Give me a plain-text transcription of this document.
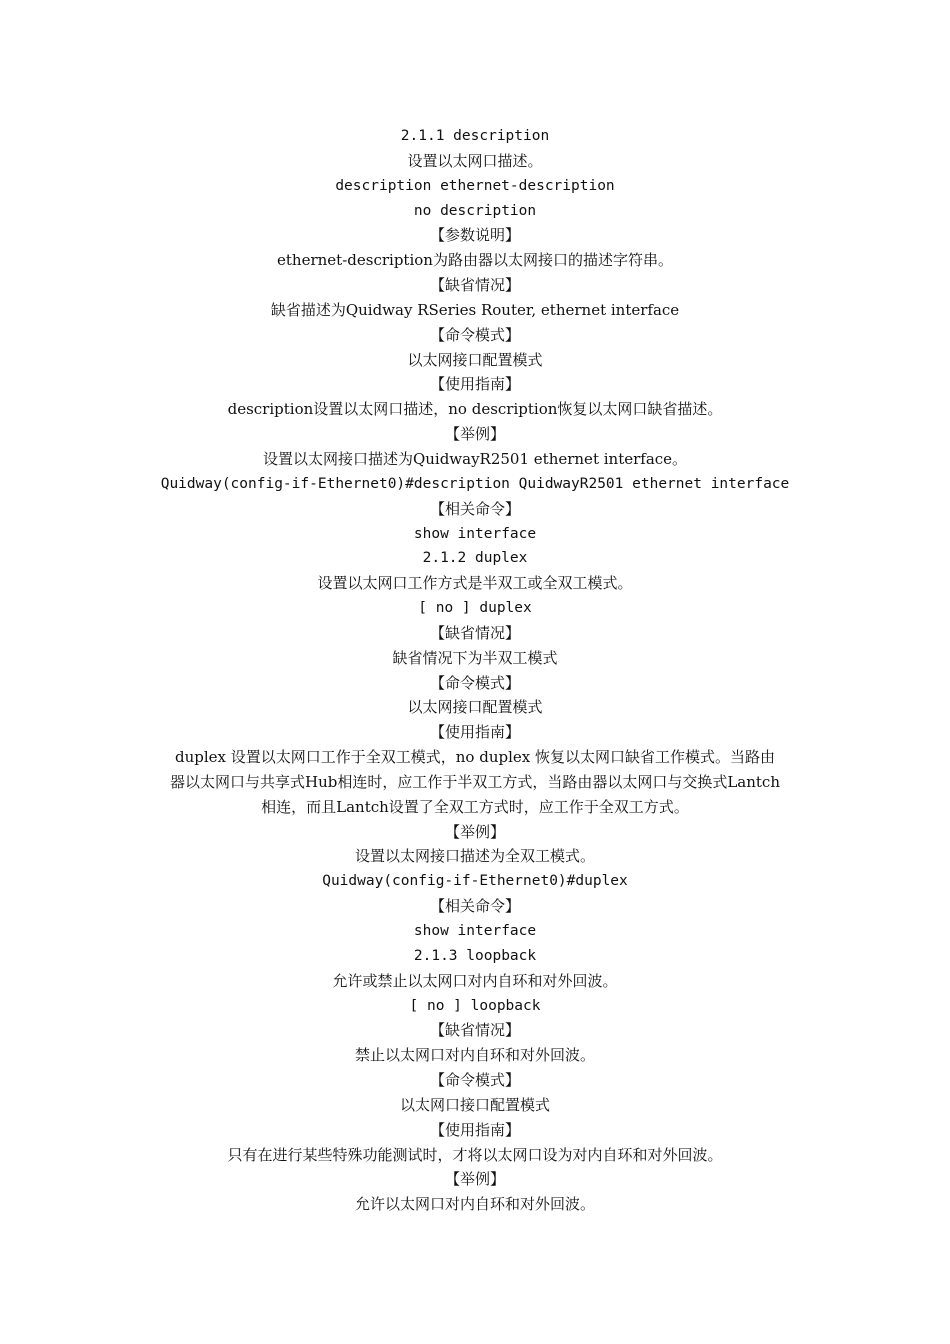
2.1.1 description

设置以太网口描述。

description ethernet-description

no description

【参数说明】

ethernet-description为路由器以太网接口的描述字符串。

【缺省情况】

缺省描述为Quidway RSeries Router, ethernet interface

【命令模式】

以太网接口配置模式

【使用指南】

description设置以太网口描述，no description恢复以太网口缺省描述。

【举例】

设置以太网接口描述为QuidwayR2501 ethernet interface。

Quidway(config-if-Ethernet0)#description QuidwayR2501 ethernet interface

【相关命令】

show interface

2.1.2 duplex

设置以太网口工作方式是半双工或全双工模式。

[ no ] duplex

【缺省情况】

缺省情况下为半双工模式

【命令模式】

以太网接口配置模式

【使用指南】

duplex 设置以太网口工作于全双工模式，no duplex 恢复以太网口缺省工作模式。当路由
器以太网口与共享式Hub相连时，应工作于半双工方式，当路由器以太网口与交换式Lantch
相连，而且Lantch设置了全双工方式时，应工作于全双工方式。

【举例】

设置以太网接口描述为全双工模式。

Quidway(config-if-Ethernet0)#duplex

【相关命令】

show interface

2.1.3 loopback

允许或禁止以太网口对内自环和对外回波。

[ no ] loopback

【缺省情况】

禁止以太网口对内自环和对外回波。

【命令模式】

以太网口接口配置模式

【使用指南】

只有在进行某些特殊功能测试时，才将以太网口设为对内自环和对外回波。

【举例】

允许以太网口对内自环和对外回波。
